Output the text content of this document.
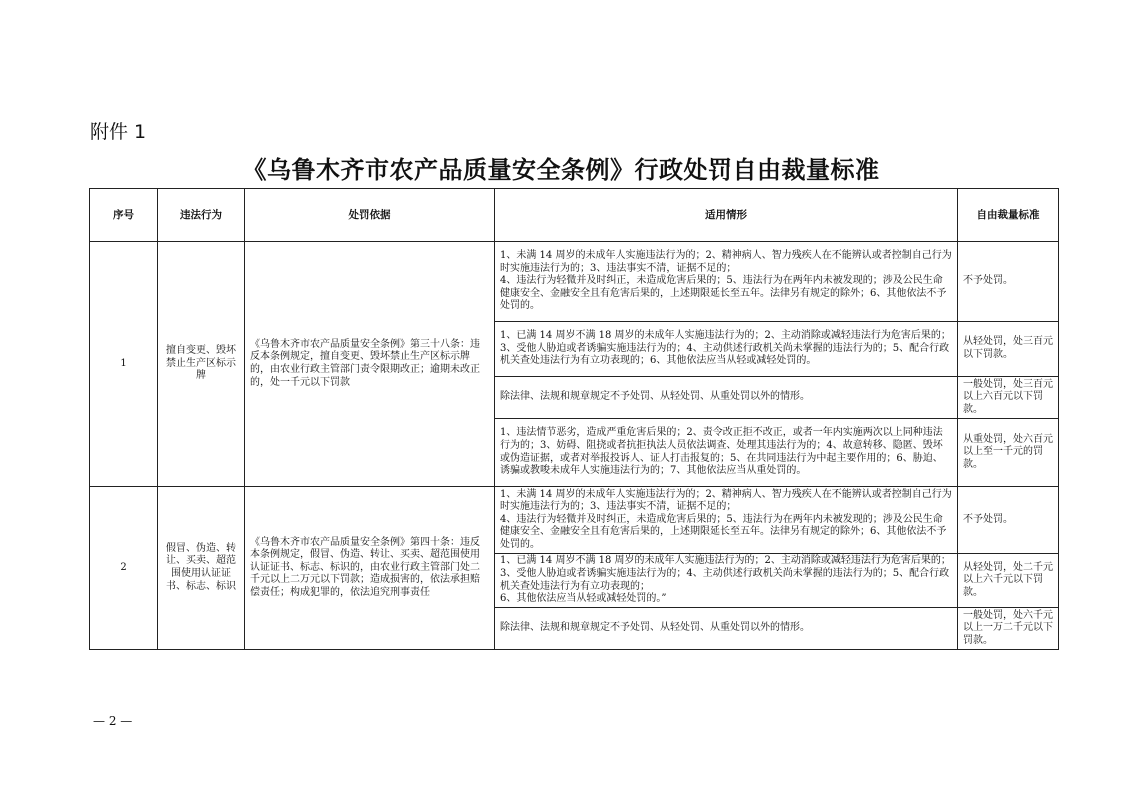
附件 1
《乌鲁木齐市农产品质量安全条例》行政处罚自由裁量标准
序号	违法行为	处罚依据	适用情形	自由裁量标准
1	擅自变更、毁坏禁止生产区标示牌	《乌鲁木齐市农产品质量安全条例》第三十八条：违反本条例规定，擅自变更、毁坏禁止生产区标示牌的，由农业行政主管部门责令限期改正；逾期未改正的，处一千元以下罚款	1、未满 14 周岁的未成年人实施违法行为的；2、精神病人、智力残疾人在不能辨认或者控制自己行为时实施违法行为的；3、违法事实不清，证据不足的；
4、违法行为轻微并及时纠正，未造成危害后果的；5、违法行为在两年内未被发现的；涉及公民生命健康安全、金融安全且有危害后果的，上述期限延长至五年。法律另有规定的除外；6、其他依法不予处罚的。	不予处罚。
			1、已满 14 周岁不满 18 周岁的未成年人实施违法行为的；2、主动消除或减轻违法行为危害后果的；3、受他人胁迫或者诱骗实施违法行为的；4、主动供述行政机关尚未掌握的违法行为的；5、配合行政机关查处违法行为有立功表现的；6、其他依法应当从轻或减轻处罚的。	从轻处罚，处三百元以下罚款。
			除法律、法规和规章规定不予处罚、从轻处罚、从重处罚以外的情形。	一般处罚，处三百元以上六百元以下罚款。
			1、违法情节恶劣，造成严重危害后果的；2、责令改正拒不改正，或者一年内实施两次以上同种违法行为的；3、妨碍、阻挠或者抗拒执法人员依法调查、处理其违法行为的；4、故意转移、隐匿、毁坏或伪造证据，或者对举报投诉人、证人打击报复的；5、在共同违法行为中起主要作用的；6、胁迫、诱骗或教唆未成年人实施违法行为的；7、其他依法应当从重处罚的。	从重处罚，处六百元以上至一千元的罚款。
2	假冒、伪造、转让、买卖、超范围使用认证证书、标志、标识	《乌鲁木齐市农产品质量安全条例》第四十条：违反本条例规定，假冒、伪造、转让、买卖、超范围使用认证证书、标志、标识的，由农业行政主管部门处二千元以上二万元以下罚款；造成损害的，依法承担赔偿责任；构成犯罪的，依法追究刑事责任	1、未满 14 周岁的未成年人实施违法行为的；2、精神病人、智力残疾人在不能辨认或者控制自己行为时实施违法行为的；3、违法事实不清，证据不足的；
4、违法行为轻微并及时纠正，未造成危害后果的；5、违法行为在两年内未被发现的；涉及公民生命健康安全、金融安全且有危害后果的，上述期限延长至五年。法律另有规定的除外；6、其他依法不予处罚的。	不予处罚。
			1、已满 14 周岁不满 18 周岁的未成年人实施违法行为的；2、主动消除或减轻违法行为危害后果的；3、受他人胁迫或者诱骗实施违法行为的；4、主动供述行政机关尚未掌握的违法行为的；5、配合行政机关查处违法行为有立功表现的；
6、其他依法应当从轻或减轻处罚的。”	从轻处罚，处二千元以上六千元以下罚款。
			除法律、法规和规章规定不予处罚、从轻处罚、从重处罚以外的情形。	一般处罚，处六千元以上一万二千元以下罚款。
— 2 —
